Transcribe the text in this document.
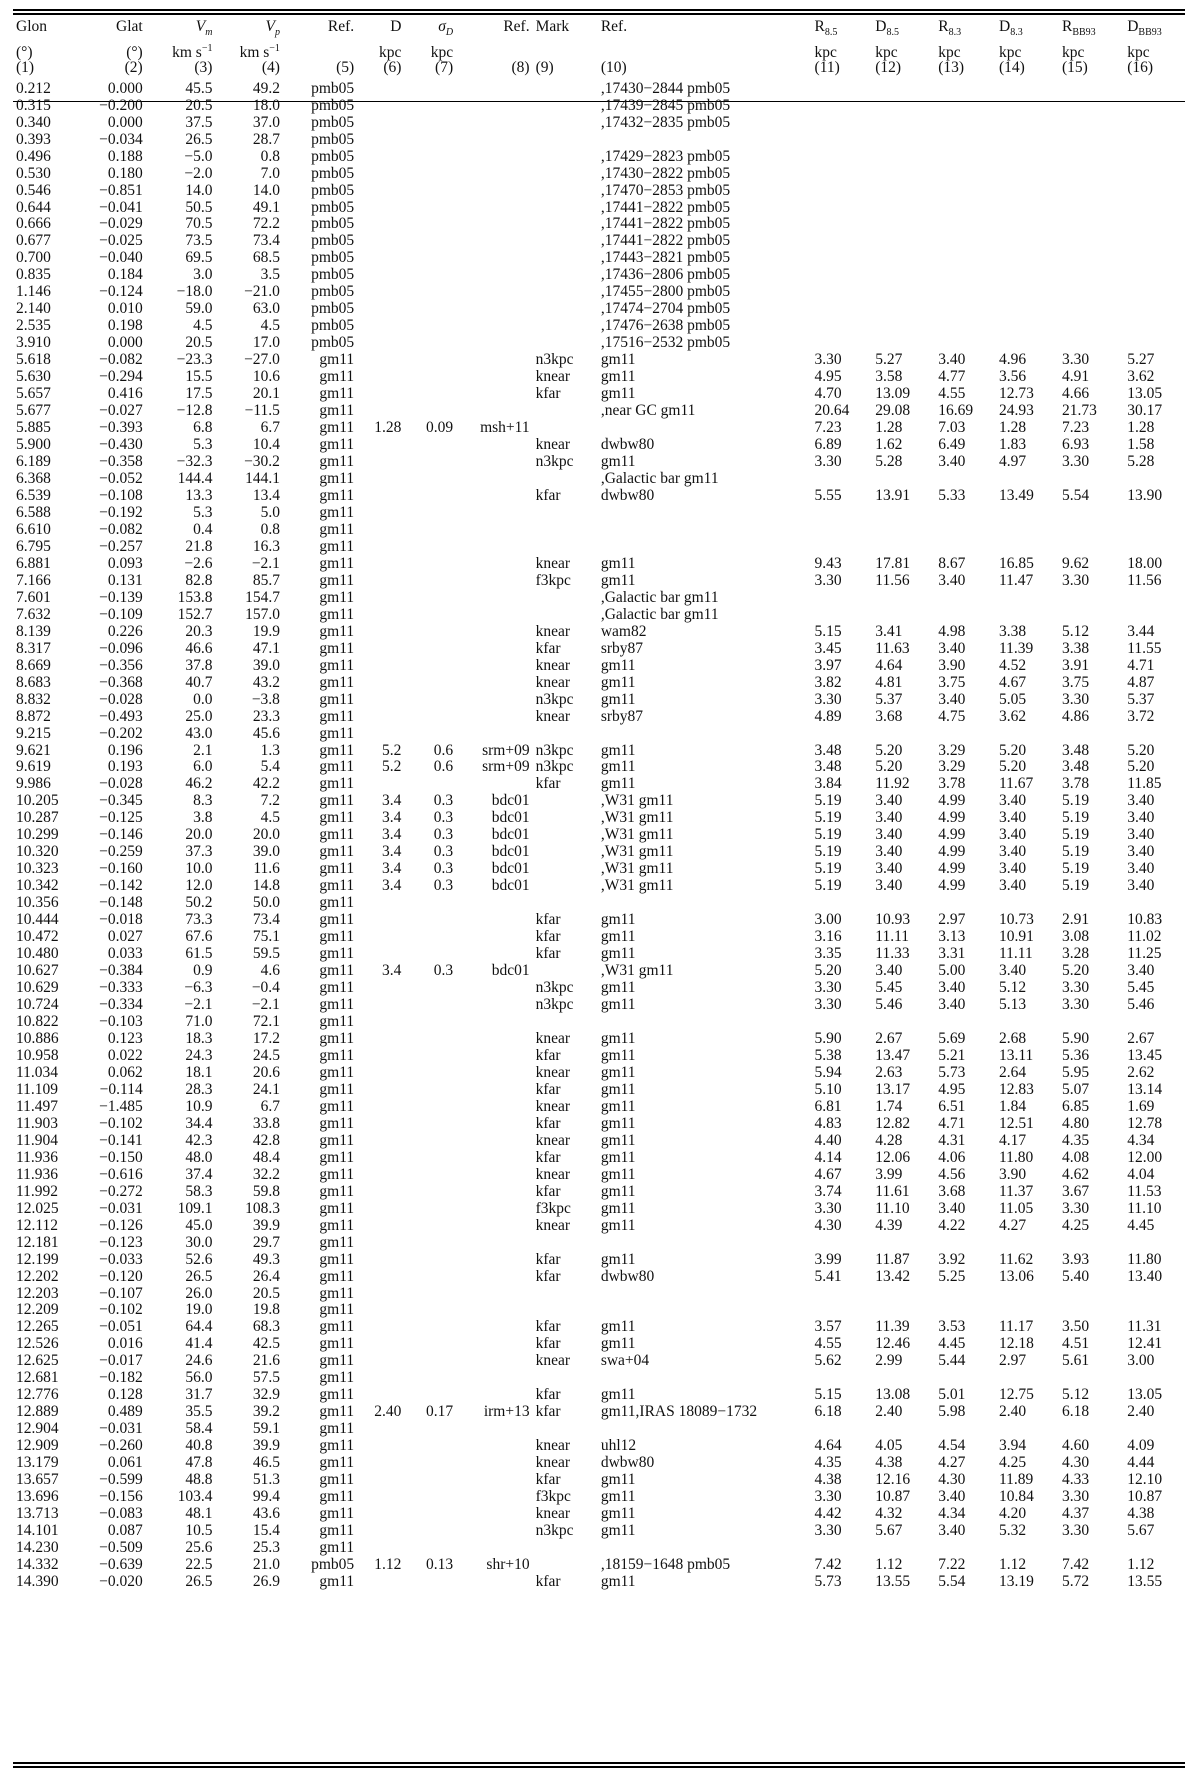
Glon	Glat	$V_m$	$V_p$	Ref.	D	$\sigma_D$	Ref.	Mark	Ref.	$R_{8.5}$	$D_{8.5}$	$R_{8.3}$	$D_{8.3}$	$R_{BB93}$	$D_{BB93}$
(°)	(°)	km $s^{-1}$	km $s^{-1}$		kpc	kpc				kpc	kpc	kpc	kpc	kpc	kpc
(1)	(2)	(3)	(4)	(5)	(6)	(7)	(8)	(9)	(10)	(11)	(12)	(13)	(14)	(15)	(16)
0.212	0.000	45.5	49.2	pmb05					,17430−2844 pmb05						
0.315	−0.200	20.5	18.0	pmb05					,17439−2845 pmb05						
0.340	0.000	37.5	37.0	pmb05					,17432−2835 pmb05						
0.393	−0.034	26.5	28.7	pmb05											
0.496	0.188	−5.0	0.8	pmb05					,17429−2823 pmb05						
0.530	0.180	−2.0	7.0	pmb05					,17430−2822 pmb05						
0.546	−0.851	14.0	14.0	pmb05					,17470−2853 pmb05						
0.644	−0.041	50.5	49.1	pmb05					,17441−2822 pmb05						
0.666	−0.029	70.5	72.2	pmb05					,17441−2822 pmb05						
0.677	−0.025	73.5	73.4	pmb05					,17441−2822 pmb05						
0.700	−0.040	69.5	68.5	pmb05					,17443−2821 pmb05						
0.835	0.184	3.0	3.5	pmb05					,17436−2806 pmb05						
1.146	−0.124	−18.0	−21.0	pmb05					,17455−2800 pmb05						
2.140	0.010	59.0	63.0	pmb05					,17474−2704 pmb05						
2.535	0.198	4.5	4.5	pmb05					,17476−2638 pmb05						
3.910	0.000	20.5	17.0	pmb05					,17516−2532 pmb05						
5.618	−0.082	−23.3	−27.0	gm11				n3kpc	gm11	3.30	5.27	3.40	4.96	3.30	5.27
5.630	−0.294	15.5	10.6	gm11				knear	gm11	4.95	3.58	4.77	3.56	4.91	3.62
5.657	0.416	17.5	20.1	gm11				kfar	gm11	4.70	13.09	4.55	12.73	4.66	13.05
5.677	−0.027	−12.8	−11.5	gm11					,near GC gm11	20.64	29.08	16.69	24.93	21.73	30.17
5.885	−0.393	6.8	6.7	gm11	1.28	0.09	msh+11			7.23	1.28	7.03	1.28	7.23	1.28
5.900	−0.430	5.3	10.4	gm11				knear	dwbw80	6.89	1.62	6.49	1.83	6.93	1.58
6.189	−0.358	−32.3	−30.2	gm11				n3kpc	gm11	3.30	5.28	3.40	4.97	3.30	5.28
6.368	−0.052	144.4	144.1	gm11					,Galactic bar gm11						
6.539	−0.108	13.3	13.4	gm11				kfar	dwbw80	5.55	13.91	5.33	13.49	5.54	13.90
6.588	−0.192	5.3	5.0	gm11											
6.610	−0.082	0.4	0.8	gm11											
6.795	−0.257	21.8	16.3	gm11											
6.881	0.093	−2.6	−2.1	gm11				knear	gm11	9.43	17.81	8.67	16.85	9.62	18.00
7.166	0.131	82.8	85.7	gm11				f3kpc	gm11	3.30	11.56	3.40	11.47	3.30	11.56
7.601	−0.139	153.8	154.7	gm11					,Galactic bar gm11						
7.632	−0.109	152.7	157.0	gm11					,Galactic bar gm11						
8.139	0.226	20.3	19.9	gm11				knear	wam82	5.15	3.41	4.98	3.38	5.12	3.44
8.317	−0.096	46.6	47.1	gm11				kfar	srby87	3.45	11.63	3.40	11.39	3.38	11.55
8.669	−0.356	37.8	39.0	gm11				knear	gm11	3.97	4.64	3.90	4.52	3.91	4.71
8.683	−0.368	40.7	43.2	gm11				knear	gm11	3.82	4.81	3.75	4.67	3.75	4.87
8.832	−0.028	0.0	−3.8	gm11				n3kpc	gm11	3.30	5.37	3.40	5.05	3.30	5.37
8.872	−0.493	25.0	23.3	gm11				knear	srby87	4.89	3.68	4.75	3.62	4.86	3.72
9.215	−0.202	43.0	45.6	gm11											
9.621	0.196	2.1	1.3	gm11	5.2	0.6	srm+09	n3kpc	gm11	3.48	5.20	3.29	5.20	3.48	5.20
9.619	0.193	6.0	5.4	gm11	5.2	0.6	srm+09	n3kpc	gm11	3.48	5.20	3.29	5.20	3.48	5.20
9.986	−0.028	46.2	42.2	gm11				kfar	gm11	3.84	11.92	3.78	11.67	3.78	11.85
10.205	−0.345	8.3	7.2	gm11	3.4	0.3	bdc01		,W31 gm11	5.19	3.40	4.99	3.40	5.19	3.40
10.287	−0.125	3.8	4.5	gm11	3.4	0.3	bdc01		,W31 gm11	5.19	3.40	4.99	3.40	5.19	3.40
10.299	−0.146	20.0	20.0	gm11	3.4	0.3	bdc01		,W31 gm11	5.19	3.40	4.99	3.40	5.19	3.40
10.320	−0.259	37.3	39.0	gm11	3.4	0.3	bdc01		,W31 gm11	5.19	3.40	4.99	3.40	5.19	3.40
10.323	−0.160	10.0	11.6	gm11	3.4	0.3	bdc01		,W31 gm11	5.19	3.40	4.99	3.40	5.19	3.40
10.342	−0.142	12.0	14.8	gm11	3.4	0.3	bdc01		,W31 gm11	5.19	3.40	4.99	3.40	5.19	3.40
10.356	−0.148	50.2	50.0	gm11											
10.444	−0.018	73.3	73.4	gm11				kfar	gm11	3.00	10.93	2.97	10.73	2.91	10.83
10.472	0.027	67.6	75.1	gm11				kfar	gm11	3.16	11.11	3.13	10.91	3.08	11.02
10.480	0.033	61.5	59.5	gm11				kfar	gm11	3.35	11.33	3.31	11.11	3.28	11.25
10.627	−0.384	0.9	4.6	gm11	3.4	0.3	bdc01		,W31 gm11	5.20	3.40	5.00	3.40	5.20	3.40
10.629	−0.333	−6.3	−0.4	gm11				n3kpc	gm11	3.30	5.45	3.40	5.12	3.30	5.45
10.724	−0.334	−2.1	−2.1	gm11				n3kpc	gm11	3.30	5.46	3.40	5.13	3.30	5.46
10.822	−0.103	71.0	72.1	gm11											
10.886	0.123	18.3	17.2	gm11				knear	gm11	5.90	2.67	5.69	2.68	5.90	2.67
10.958	0.022	24.3	24.5	gm11				kfar	gm11	5.38	13.47	5.21	13.11	5.36	13.45
11.034	0.062	18.1	20.6	gm11				knear	gm11	5.94	2.63	5.73	2.64	5.95	2.62
11.109	−0.114	28.3	24.1	gm11				kfar	gm11	5.10	13.17	4.95	12.83	5.07	13.14
11.497	−1.485	10.9	6.7	gm11				knear	gm11	6.81	1.74	6.51	1.84	6.85	1.69
11.903	−0.102	34.4	33.8	gm11				kfar	gm11	4.83	12.82	4.71	12.51	4.80	12.78
11.904	−0.141	42.3	42.8	gm11				knear	gm11	4.40	4.28	4.31	4.17	4.35	4.34
11.936	−0.150	48.0	48.4	gm11				kfar	gm11	4.14	12.06	4.06	11.80	4.08	12.00
11.936	−0.616	37.4	32.2	gm11				knear	gm11	4.67	3.99	4.56	3.90	4.62	4.04
11.992	−0.272	58.3	59.8	gm11				kfar	gm11	3.74	11.61	3.68	11.37	3.67	11.53
12.025	−0.031	109.1	108.3	gm11				f3kpc	gm11	3.30	11.10	3.40	11.05	3.30	11.10
12.112	−0.126	45.0	39.9	gm11				knear	gm11	4.30	4.39	4.22	4.27	4.25	4.45
12.181	−0.123	30.0	29.7	gm11											
12.199	−0.033	52.6	49.3	gm11				kfar	gm11	3.99	11.87	3.92	11.62	3.93	11.80
12.202	−0.120	26.5	26.4	gm11				kfar	dwbw80	5.41	13.42	5.25	13.06	5.40	13.40
12.203	−0.107	26.0	20.5	gm11											
12.209	−0.102	19.0	19.8	gm11											
12.265	−0.051	64.4	68.3	gm11				kfar	gm11	3.57	11.39	3.53	11.17	3.50	11.31
12.526	0.016	41.4	42.5	gm11				kfar	gm11	4.55	12.46	4.45	12.18	4.51	12.41
12.625	−0.017	24.6	21.6	gm11				knear	swa+04	5.62	2.99	5.44	2.97	5.61	3.00
12.681	−0.182	56.0	57.5	gm11											
12.776	0.128	31.7	32.9	gm11				kfar	gm11	5.15	13.08	5.01	12.75	5.12	13.05
12.889	0.489	35.5	39.2	gm11	2.40	0.17	irm+13	kfar	gm11,IRAS 18089−1732	6.18	2.40	5.98	2.40	6.18	2.40
12.904	−0.031	58.4	59.1	gm11											
12.909	−0.260	40.8	39.9	gm11				knear	uhl12	4.64	4.05	4.54	3.94	4.60	4.09
13.179	0.061	47.8	46.5	gm11				knear	dwbw80	4.35	4.38	4.27	4.25	4.30	4.44
13.657	−0.599	48.8	51.3	gm11				kfar	gm11	4.38	12.16	4.30	11.89	4.33	12.10
13.696	−0.156	103.4	99.4	gm11				f3kpc	gm11	3.30	10.87	3.40	10.84	3.30	10.87
13.713	−0.083	48.1	43.6	gm11				knear	gm11	4.42	4.32	4.34	4.20	4.37	4.38
14.101	0.087	10.5	15.4	gm11				n3kpc	gm11	3.30	5.67	3.40	5.32	3.30	5.67
14.230	−0.509	25.6	25.3	gm11											
14.332	−0.639	22.5	21.0	pmb05	1.12	0.13	shr+10		,18159−1648 pmb05	7.42	1.12	7.22	1.12	7.42	1.12
14.390	−0.020	26.5	26.9	gm11				kfar	gm11	5.73	13.55	5.54	13.19	5.72	13.55
